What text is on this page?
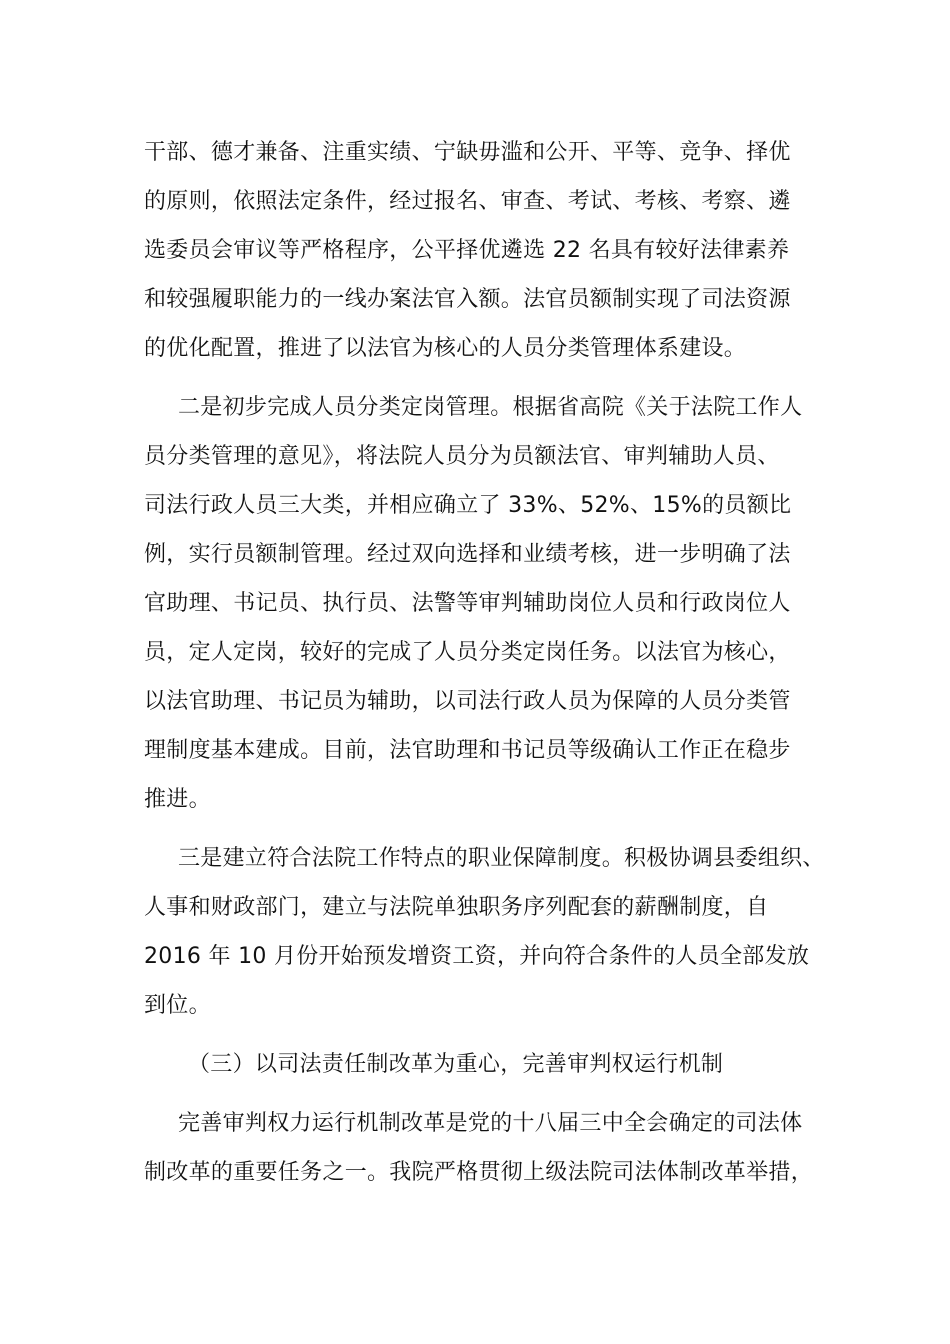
干部、德才兼备、注重实绩、宁缺毋滥和公开、平等、竞争、择优
的原则，依照法定条件，经过报名、审查、考试、考核、考察、遴
选委员会审议等严格程序，公平择优遴选 22 名具有较好法律素养
和较强履职能力的一线办案法官入额。法官员额制实现了司法资源
的优化配置，推进了以法官为核心的人员分类管理体系建设。
二是初步完成人员分类定岗管理。根据省高院《关于法院工作人
员分类管理的意见》，将法院人员分为员额法官、审判辅助人员、
司法行政人员三大类，并相应确立了 33%、52%、15%的员额比
例，实行员额制管理。经过双向选择和业绩考核，进一步明确了法
官助理、书记员、执行员、法警等审判辅助岗位人员和行政岗位人
员，定人定岗，较好的完成了人员分类定岗任务。以法官为核心，
以法官助理、书记员为辅助，以司法行政人员为保障的人员分类管
理制度基本建成。目前，法官助理和书记员等级确认工作正在稳步
推进。
三是建立符合法院工作特点的职业保障制度。积极协调县委组织、
人事和财政部门，建立与法院单独职务序列配套的薪酬制度，自
2016 年 10 月份开始预发增资工资，并向符合条件的人员全部发放
到位。
（三）以司法责任制改革为重心，完善审判权运行机制
完善审判权力运行机制改革是党的十八届三中全会确定的司法体
制改革的重要任务之一。我院严格贯彻上级法院司法体制改革举措，
